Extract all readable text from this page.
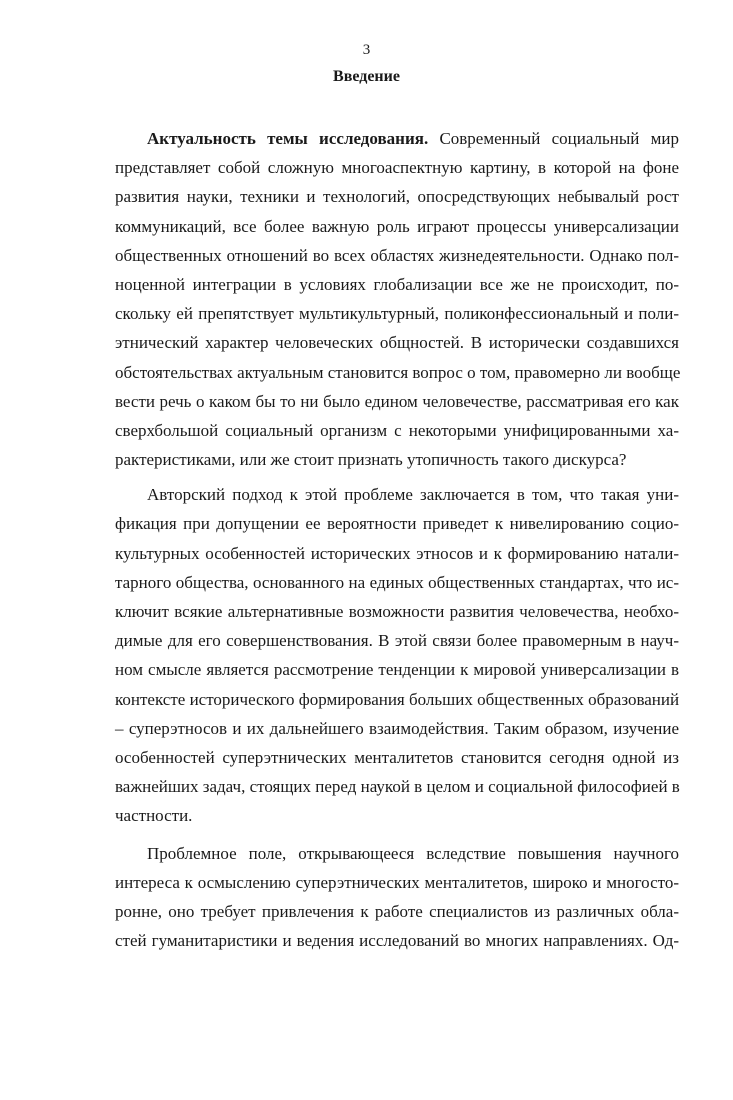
3
Введение
Актуальность темы исследования. Современный социальный мир
представляет собой сложную многоаспектную картину, в которой на фоне
развития науки, техники и технологий, опосредствующих небывалый рост
коммуникаций, все более важную роль играют процессы универсализации
общественных отношений во всех областях жизнедеятельности. Однако пол-
ноценной интеграции в условиях глобализации все же не происходит, по-
скольку ей препятствует мультикультурный, поликонфессиональный и поли-
этнический характер человеческих общностей. В исторически создавшихся
обстоятельствах актуальным становится вопрос о том, правомерно ли вообще
вести речь о каком бы то ни было едином человечестве, рассматривая его как
сверхбольшой социальный организм с некоторыми унифицированными ха-
рактеристиками, или же стоит признать утопичность такого дискурса?
Авторский подход к этой проблеме заключается в том, что такая уни-
фикация при допущении ее вероятности приведет к нивелированию социо-
культурных особенностей исторических этносов и к формированию натали-
тарного общества, основанного на единых общественных стандартах, что ис-
ключит всякие альтернативные возможности развития человечества, необхо-
димые для его совершенствования. В этой связи более правомерным в науч-
ном смысле является рассмотрение тенденции к мировой универсализации в
контексте исторического формирования больших общественных образований
– суперэтносов и их дальнейшего взаимодействия. Таким образом, изучение
особенностей суперэтнических менталитетов становится сегодня одной из
важнейших задач, стоящих перед наукой в целом и социальной философией в
частности.
Проблемное поле, открывающееся вследствие повышения научного
интереса к осмыслению суперэтнических менталитетов, широко и многосто-
ронне, оно требует привлечения к работе специалистов из различных обла-
стей гуманитаристики и ведения исследований во многих направлениях. Од-
